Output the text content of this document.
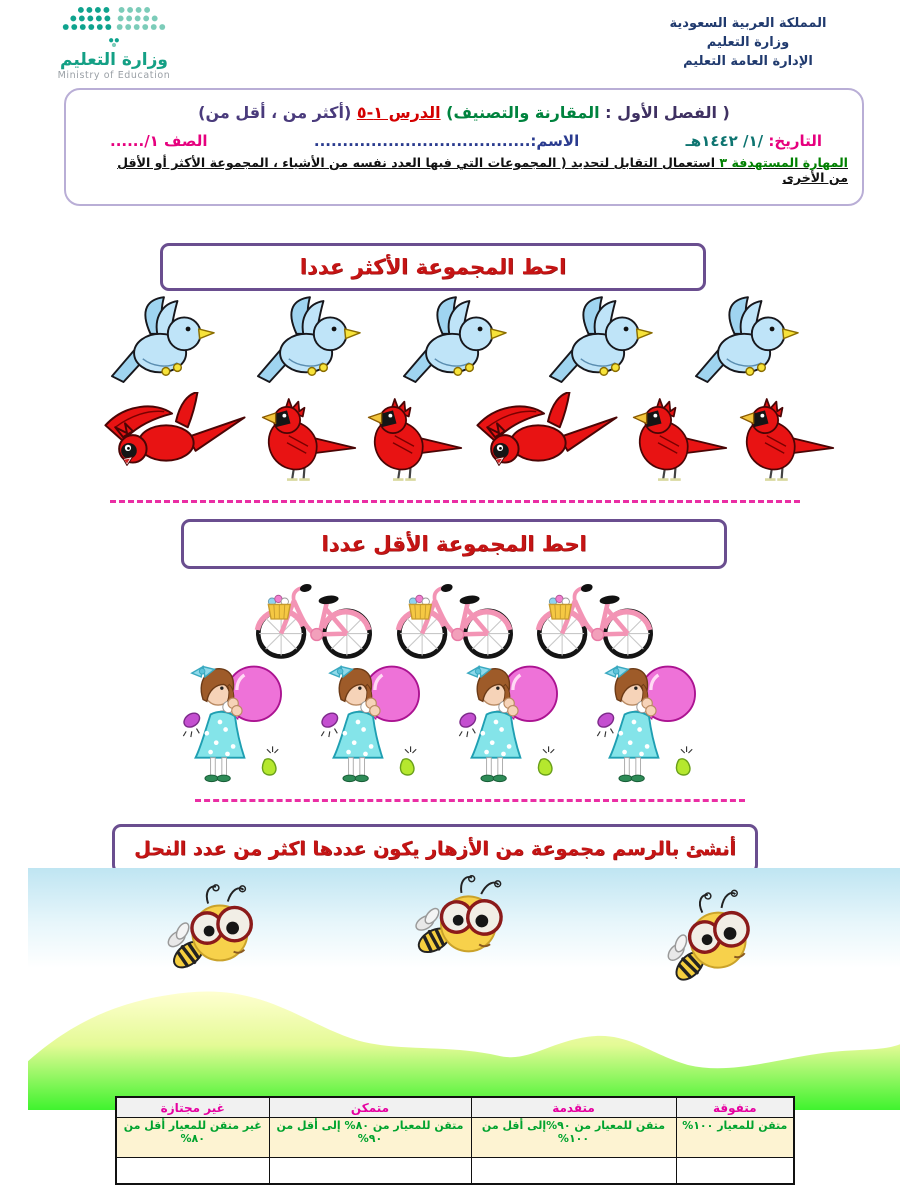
وزارة التعليم
Ministry of Education
المملكة العربية السعودية
وزارة التعليم
الإدارة العامة التعليم

( الفصل الأول : المقارنة والتصنيف) الدرس ١-٥ (أكثر من ، أقل من)

التاريخ: /١/ ١٤٤٢هـ
الاسم:......................................
الصف ١/......

المهارة المستهدفة ٣ استعمال التقابل لتحديد ( المجموعات التي فيها العدد نفسه من الأشياء ، المجموعة الأكثر أو الأقل من الأخرى

احط المجموعة الأكثر عددا
احط المجموعة الأقل عددا
أنشئ بالرسم مجموعة من الأزهار يكون عددها اكثر من عدد النحل
متفوقة	متقدمة	متمكن	غير مجتازة
متقن للمعيار ١٠٠%	متقن للمعيار من ٩٠%إلى أقل من ١٠٠%	متقن للمعيار من ٨٠% إلى أقل من ٩٠%	غير متقن للمعيار أقل من ٨٠%
